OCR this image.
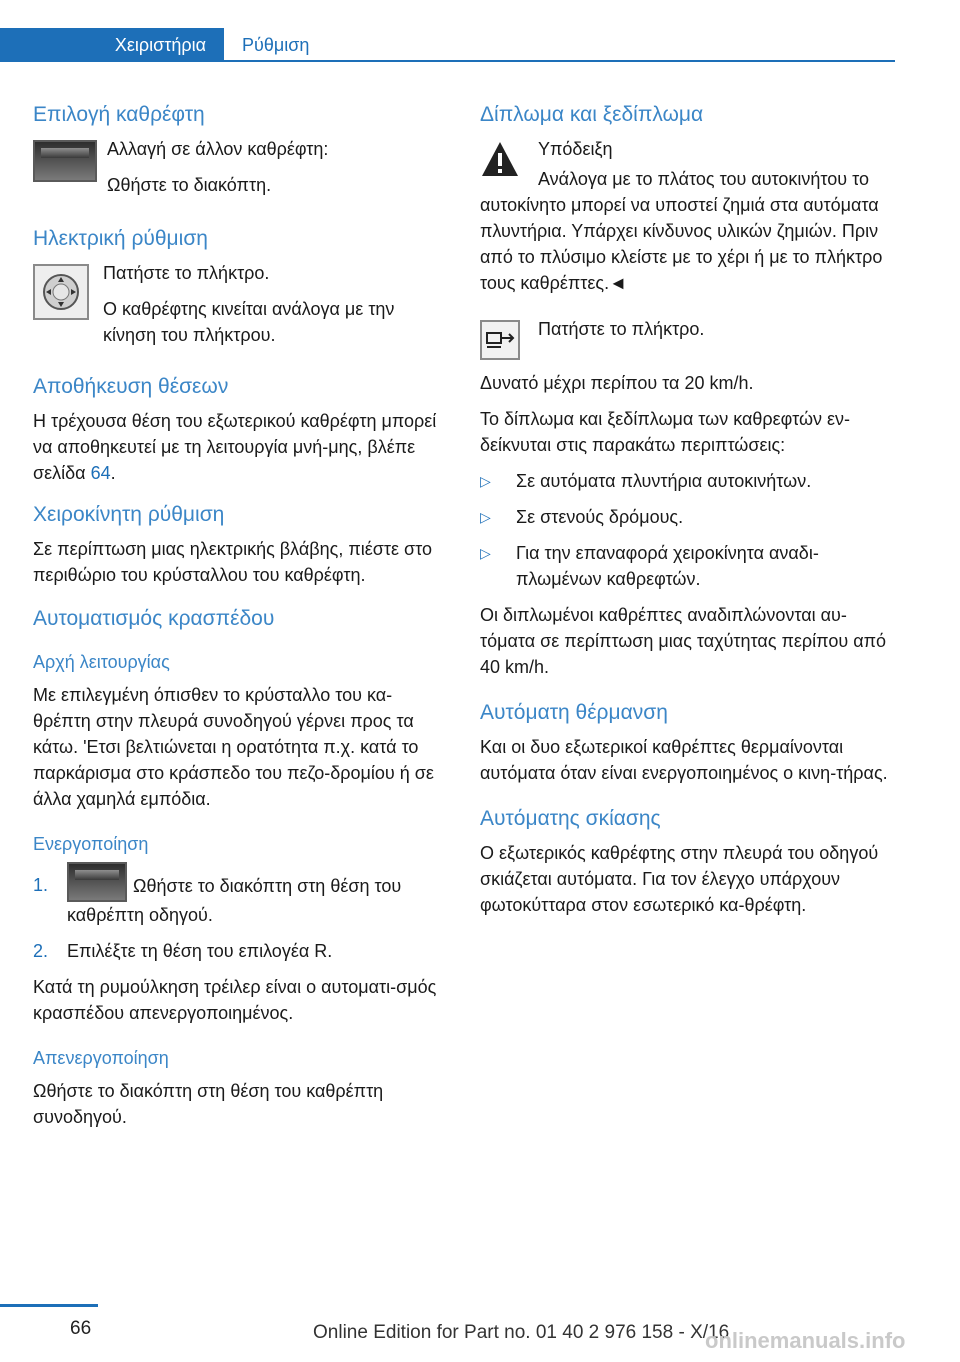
Χειριστήρια Ρύθμιση
Επιλογή καθρέφτη

Αλλαγή σε άλλον καθρέφτη:

Ωθήστε το διακόπτη.

Ηλεκτρική ρύθμιση

Πατήστε το πλήκτρο.

Ο καθρέφτης κινείται ανάλογα με την κίνηση του πλήκτρου.

Αποθήκευση θέσεων

Η τρέχουσα θέση του εξωτερικού καθρέφτη μπορεί να αποθηκευτεί με τη λειτουργία μνή-μης, βλέπε σελίδα 64.

Χειροκίνητη ρύθμιση

Σε περίπτωση μιας ηλεκτρικής βλάβης, πιέστε στο περιθώριο του κρύσταλλου του καθρέφτη.

Αυτοματισμός κρασπέδου
Αρχή λειτουργίας

Με επιλεγμένη όπισθεν το κρύσταλλο του κα-θρέπτη στην πλευρά συνοδηγού γέρνει προς τα κάτω. 'Ετσι βελτιώνεται η ορατότητα π.χ. κατά το παρκάρισμα στο κράσπεδο του πεζο-δρομίου ή σε άλλα χαμηλά εμπόδια.

Ενεργοποίηση
1.	Ωθήστε το διακόπτη στη θέση του καθρέπτη οδηγού.
2.	Επιλέξτε τη θέση του επιλογέα R.

Κατά τη ρυμούλκηση τρέιλερ είναι ο αυτοματι-σμός κρασπέδου απενεργοποιημένος.

Απενεργοποίηση

Ωθήστε το διακόπτη στη θέση του καθρέπτη συνοδηγού.

Δίπλωμα και ξεδίπλωμα
Υπόδειξη
Ανάλογα με το πλάτος του αυτοκινήτου το αυτοκίνητο μπορεί να υποστεί ζημιά στα αυτόματα πλυντήρια. Υπάρχει κίνδυνος υλικών ζημιών. Πριν από το πλύσιμο κλείστε με το χέρι ή με το πλήκτρο τους καθρέπτες.◄

Πατήστε το πλήκτρο.

Δυνατό μέχρι περίπου τα 20 km/h.

Το δίπλωμα και ξεδίπλωμα των καθρεφτών εν-δείκνυται στις παρακάτω περιπτώσεις:

▷	Σε αυτόματα πλυντήρια αυτοκινήτων.
▷	Σε στενούς δρόμους.
▷	Για την επαναφορά χειροκίνητα αναδι-πλωμένων καθρεφτών.

Οι διπλωμένοι καθρέπτες αναδιπλώνονται αυ-τόματα σε περίπτωση μιας ταχύτητας περίπου από 40 km/h.

Αυτόματη θέρμανση

Και οι δυο εξωτερικοί καθρέπτες θερμαίνονται αυτόματα όταν είναι ενεργοποιημένος ο κινη-τήρας.

Αυτόματης σκίασης

Ο εξωτερικός καθρέφτης στην πλευρά του οδηγού σκιάζεται αυτόματα. Για τον έλεγχο υπάρχουν φωτοκύτταρα στον εσωτερικό κα-θρέφτη.

66	Online Edition for Part no. 01 40 2 976 158 - X/16
onlinemanuals.info
